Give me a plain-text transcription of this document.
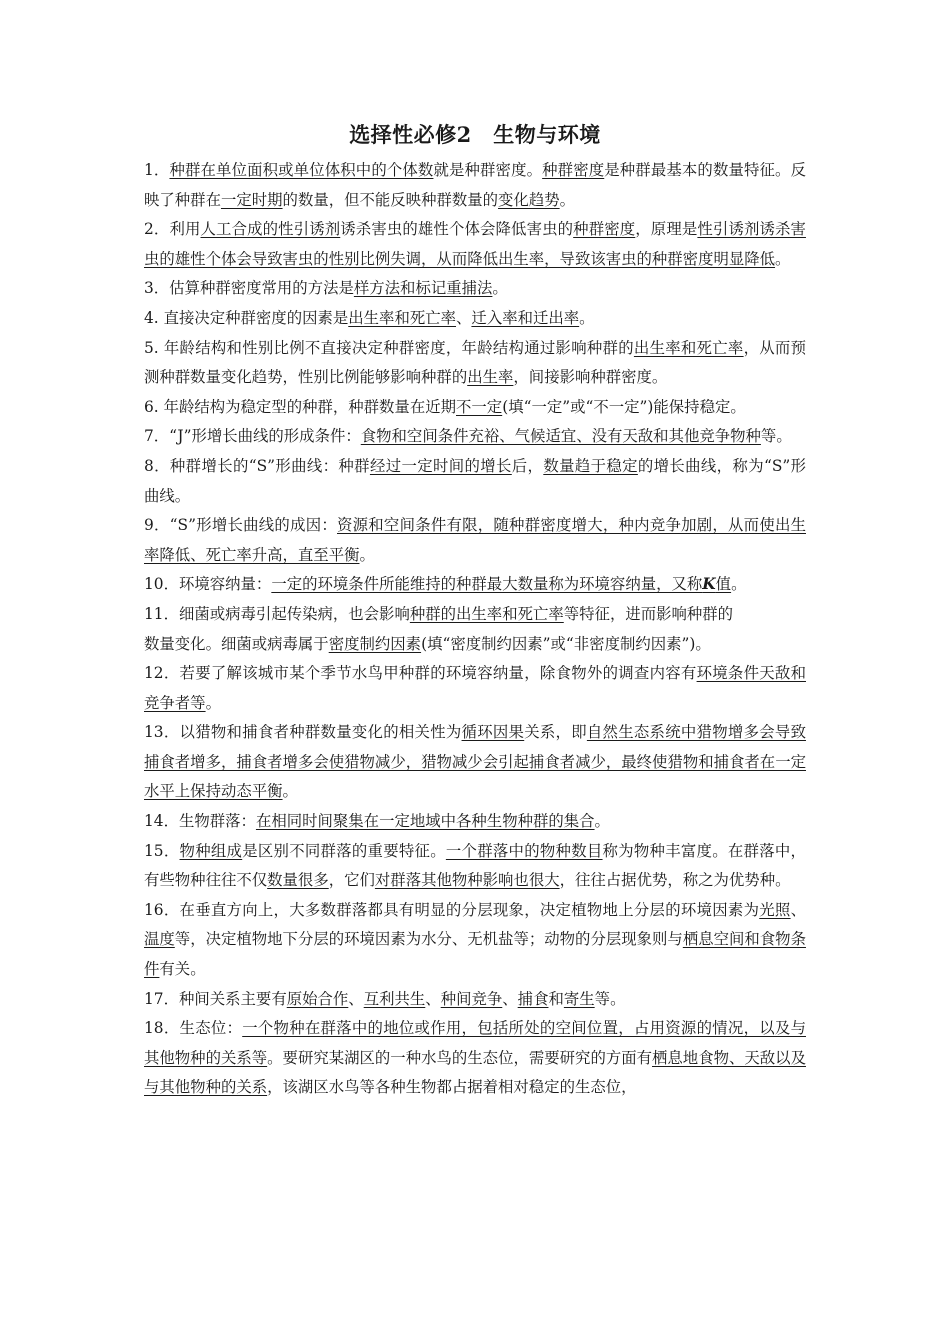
选择性必修2　生物与环境

1．种群在单位面积或单位体积中的个体数就是种群密度。种群密度是种群最基本的数量特征。反映了种群在一定时期的数量，但不能反映种群数量的变化趋势。

2．利用人工合成的性引诱剂诱杀害虫的雄性个体会降低害虫的种群密度，原理是性引诱剂诱杀害虫的雄性个体会导致害虫的性别比例失调，从而降低出生率，导致该害虫的种群密度明显降低。

3．估算种群密度常用的方法是样方法和标记重捕法。

4. 直接决定种群密度的因素是出生率和死亡率、迁入率和迁出率。

5. 年龄结构和性别比例不直接决定种群密度，年龄结构通过影响种群的出生率和死亡率，从而预测种群数量变化趋势，性别比例能够影响种群的出生率，间接影响种群密度。

6. 年龄结构为稳定型的种群，种群数量在近期不一定(填“一定”或“不一定”)能保持稳定。

7．“J”形增长曲线的形成条件：食物和空间条件充裕、气候适宜、没有天敌和其他竞争物种等。

8．种群增长的“S”形曲线：种群经过一定时间的增长后，数量趋于稳定的增长曲线，称为“S”形曲线。

9．“S”形增长曲线的成因：资源和空间条件有限，随种群密度增大，种内竞争加剧，从而使出生率降低、死亡率升高，直至平衡。

10．环境容纳量：一定的环境条件所能维持的种群最大数量称为环境容纳量，又称K值。

11．细菌或病毒引起传染病，也会影响种群的出生率和死亡率等特征，进而影响种群的
数量变化。细菌或病毒属于密度制约因素(填“密度制约因素”或“非密度制约因素”)。

12．若要了解该城市某个季节水鸟甲种群的环境容纳量，除食物外的调查内容有环境条件天敌和竞争者等。

13．以猎物和捕食者种群数量变化的相关性为循环因果关系，即自然生态系统中猎物增多会导致捕食者增多，捕食者增多会使猎物减少，猎物减少会引起捕食者减少，最终使猎物和捕食者在一定水平上保持动态平衡。

14．生物群落：在相同时间聚集在一定地域中各种生物种群的集合。

15．物种组成是区别不同群落的重要特征。一个群落中的物种数目称为物种丰富度。在群落中，有些物种往往不仅数量很多，它们对群落其他物种影响也很大，往往占据优势，称之为优势种。

16．在垂直方向上，大多数群落都具有明显的分层现象，决定植物地上分层的环境因素为光照、温度等，决定植物地下分层的环境因素为水分、无机盐等；动物的分层现象则与栖息空间和食物条件有关。

17．种间关系主要有原始合作、互利共生、种间竞争、捕食和寄生等。

18．生态位：一个物种在群落中的地位或作用，包括所处的空间位置，占用资源的情况，以及与其他物种的关系等。要研究某湖区的一种水鸟的生态位，需要研究的方面有栖息地食物、天敌以及与其他物种的关系，该湖区水鸟等各种生物都占据着相对稳定的生态位，
